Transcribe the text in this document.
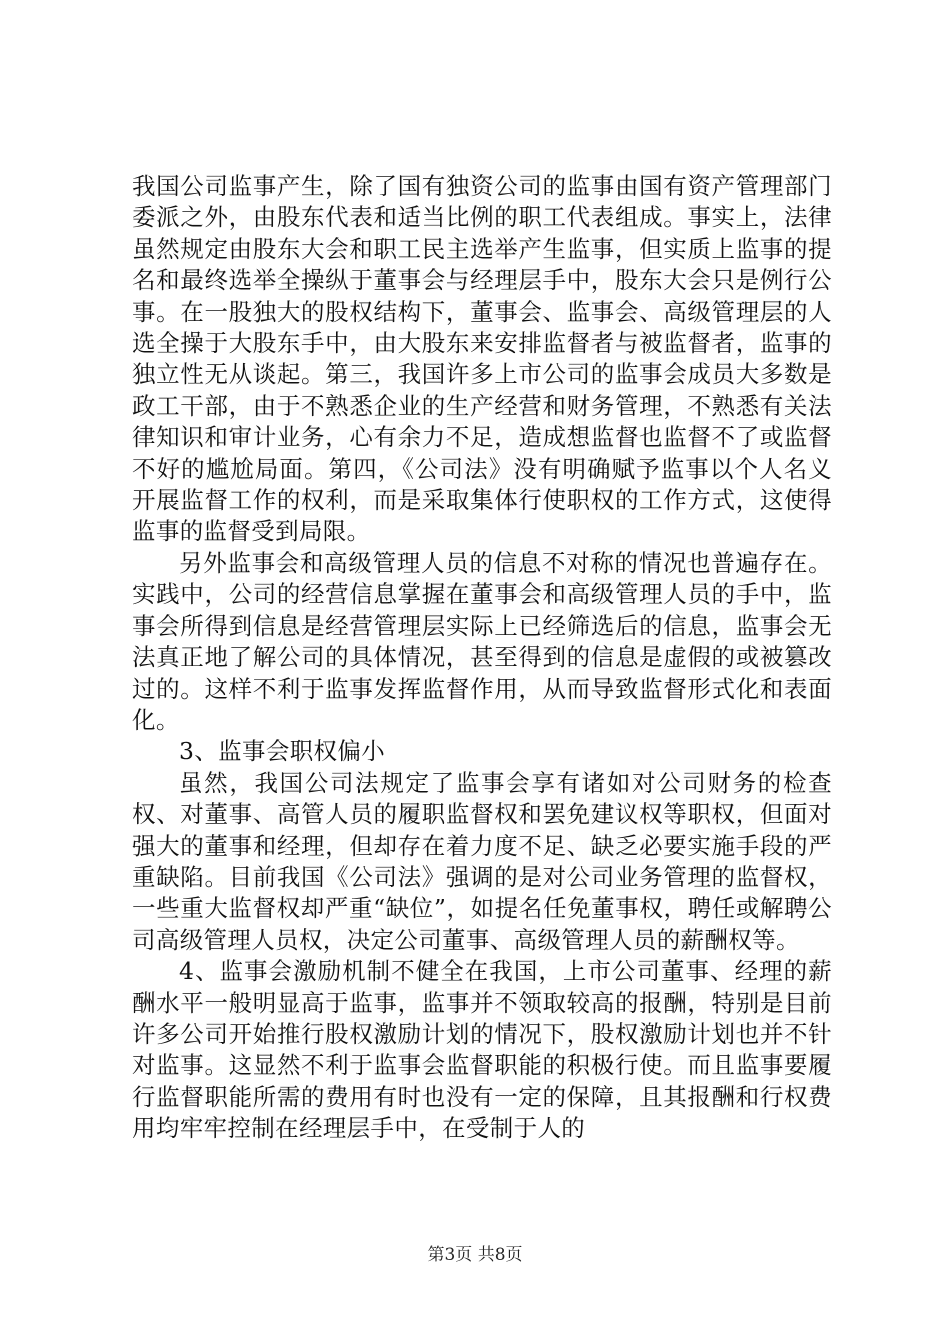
我国公司监事产生，除了国有独资公司的监事由国有资产管理部门委派之外，由股东代表和适当比例的职工代表组成。事实上，法律虽然规定由股东大会和职工民主选举产生监事，但实质上监事的提名和最终选举全操纵于董事会与经理层手中，股东大会只是例行公事。在一股独大的股权结构下，董事会、监事会、高级管理层的人选全操于大股东手中，由大股东来安排监督者与被监督者，监事的独立性无从谈起。第三，我国许多上市公司的监事会成员大多数是政工干部，由于不熟悉企业的生产经营和财务管理，不熟悉有关法律知识和审计业务，心有余力不足，造成想监督也监督不了或监督不好的尴尬局面。第四，《公司法》没有明确赋予监事以个人名义开展监督工作的权利，而是采取集体行使职权的工作方式，这使得监事的监督受到局限。

另外监事会和高级管理人员的信息不对称的情况也普遍存在。实践中，公司的经营信息掌握在董事会和高级管理人员的手中，监事会所得到信息是经营管理层实际上已经筛选后的信息，监事会无法真正地了解公司的具体情况，甚至得到的信息是虚假的或被篡改过的。这样不利于监事发挥监督作用，从而导致监督形式化和表面化。

3、监事会职权偏小

虽然，我国公司法规定了监事会享有诸如对公司财务的检查权、对董事、高管人员的履职监督权和罢免建议权等职权，但面对强大的董事和经理，但却存在着力度不足、缺乏必要实施手段的严重缺陷。目前我国《公司法》强调的是对公司业务管理的监督权，一些重大监督权却严重“缺位”，如提名任免董事权，聘任或解聘公司高级管理人员权，决定公司董事、高级管理人员的薪酬权等。

4、监事会激励机制不健全在我国，上市公司董事、经理的薪酬水平一般明显高于监事，监事并不领取较高的报酬，特别是目前许多公司开始推行股权激励计划的情况下，股权激励计划也并不针对监事。这显然不利于监事会监督职能的积极行使。而且监事要履行监督职能所需的费用有时也没有一定的保障，且其报酬和行权费用均牢牢控制在经理层手中，在受制于人的

第3页 共8页
